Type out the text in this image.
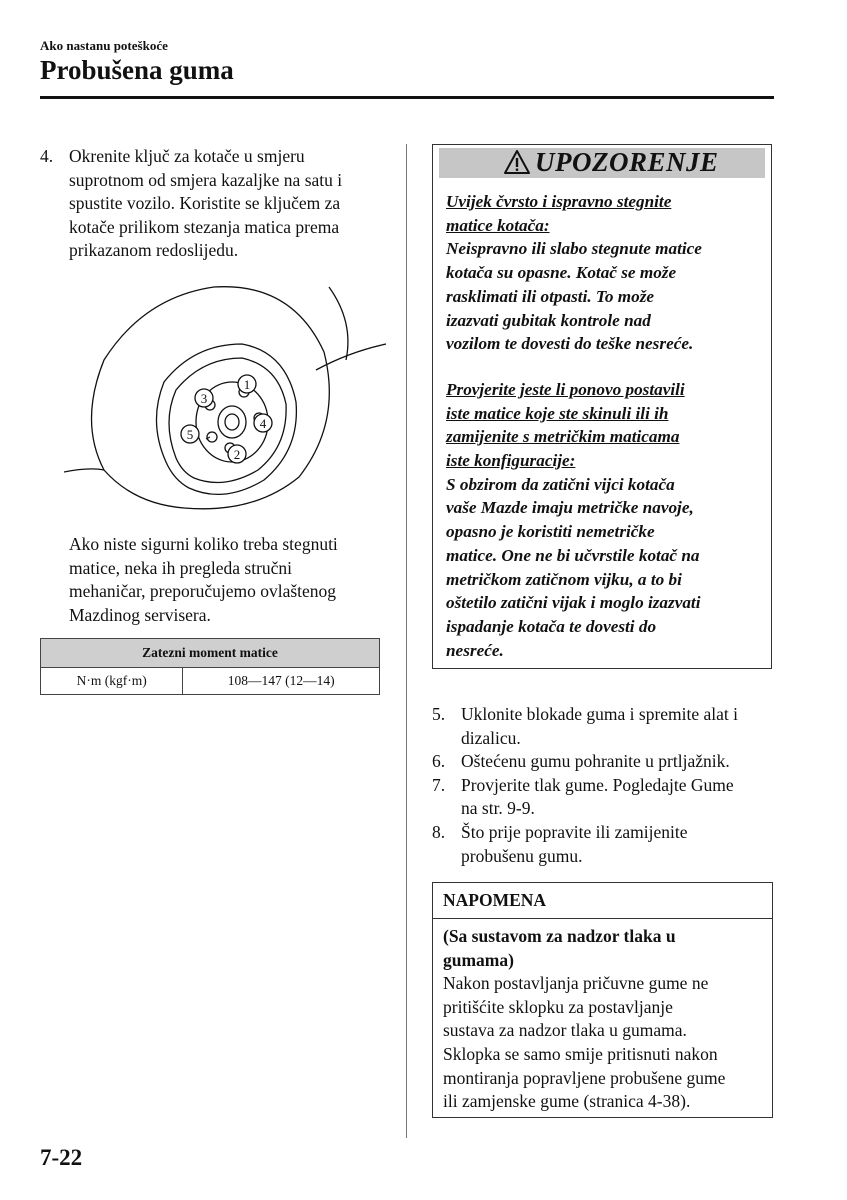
Ako nastanu poteškoće
Probušena guma
4. Okrenite ključ za kotače u smjeru
suprotnom od smjera kazaljke na satu i
spustite vozilo. Koristite se ključem za
kotače prilikom stezanja matica prema
prikazanom redoslijedu.
1
2
3
4
5
Ako niste sigurni koliko treba stegnuti
matice, neka ih pregleda stručni
mehaničar, preporučujemo ovlaštenog
Mazdinog servisera.
Zatezni moment matice
N·m (kgf·m)	108—147 (12—14)
UPOZORENJE
Uvijek čvrsto i ispravno stegnite
matice kotača:
Neispravno ili slabo stegnute matice
kotača su opasne. Kotač se može
rasklimati ili otpasti. To može
izazvati gubitak kontrole nad
vozilom te dovesti do teške nesreće.
Provjerite jeste li ponovo postavili
iste matice koje ste skinuli ili ih
zamijenite s metričkim maticama
iste konfiguracije:
S obzirom da zatični vijci kotača
vaše Mazde imaju metričke navoje,
opasno je koristiti nemetričke
matice. One ne bi učvrstile kotač na
metričkom zatičnom vijku, a to bi
oštetilo zatični vijak i moglo izazvati
ispadanje kotača te dovesti do
nesreće.
5. Uklonite blokade guma i spremite alat i
dizalicu.
6. Oštećenu gumu pohranite u prtljažnik.
7. Provjerite tlak gume. Pogledajte Gume
na str. 9-9.
8. Što prije popravite ili zamijenite
probušenu gumu.
NAPOMENA
(Sa sustavom za nadzor tlaka u
gumama)
Nakon postavljanja pričuvne gume ne
pritišćite sklopku za postavljanje
sustava za nadzor tlaka u gumama.
Sklopka se samo smije pritisnuti nakon
montiranja popravljene probušene gume
ili zamjenske gume (stranica 4-38).
7-22
